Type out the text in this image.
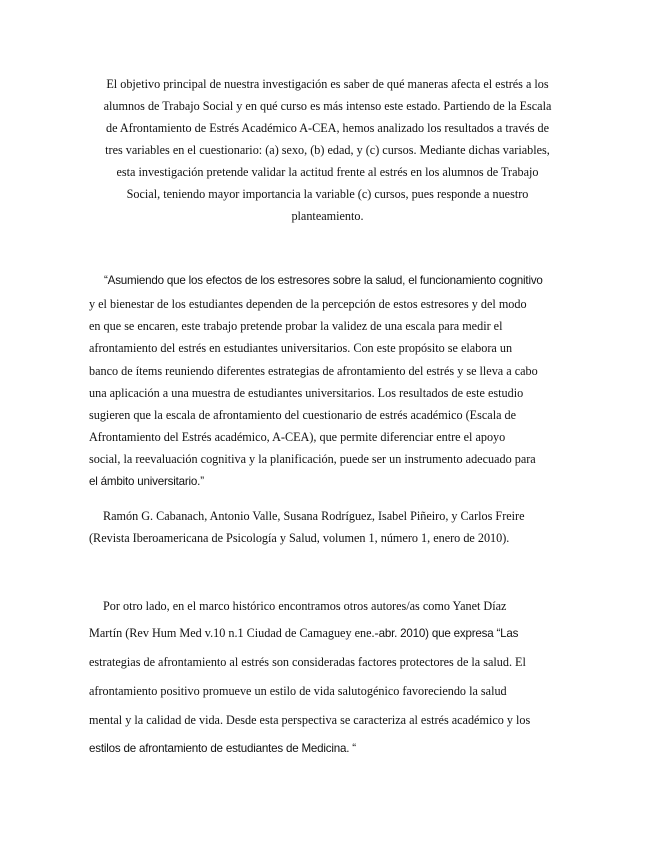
El objetivo principal de nuestra investigación es saber de qué maneras afecta el estrés a los
alumnos de Trabajo Social y en qué curso es más intenso este estado. Partiendo de la Escala
de Afrontamiento de Estrés Académico A-CEA, hemos analizado los resultados a través de
tres variables en el cuestionario: (a) sexo, (b) edad, y (c) cursos. Mediante dichas variables,
esta investigación pretende validar la actitud frente al estrés en los alumnos de Trabajo
Social, teniendo mayor importancia la variable (c) cursos, pues responde a nuestro
planteamiento.
“Asumiendo que los efectos de los estresores sobre la salud, el funcionamiento cognitivo
y el bienestar de los estudiantes dependen de la percepción de estos estresores y del modo
en que se encaren, este trabajo pretende probar la validez de una escala para medir el
afrontamiento del estrés en estudiantes universitarios. Con este propósito se elabora un
banco de ítems reuniendo diferentes estrategias de afrontamiento del estrés y se lleva a cabo
una aplicación a una muestra de estudiantes universitarios. Los resultados de este estudio
sugieren que la escala de afrontamiento del cuestionario de estrés académico (Escala de
Afrontamiento del Estrés académico, A-CEA), que permite diferenciar entre el apoyo
social, la reevaluación cognitiva y la planificación, puede ser un instrumento adecuado para
el ámbito universitario.”
Ramón G. Cabanach, Antonio Valle, Susana Rodríguez, Isabel Piñeiro, y Carlos Freire
(Revista Iberoamericana de Psicología y Salud, volumen 1, número 1, enero de 2010).
Por otro lado, en el marco histórico encontramos otros autores/as como Yanet Díaz
Martín (Rev Hum Med v.10 n.1 Ciudad de Camaguey ene.-abr. 2010) que expresa “Las
estrategias de afrontamiento al estrés son consideradas factores protectores de la salud. El
afrontamiento positivo promueve un estilo de vida salutogénico favoreciendo la salud
mental y la calidad de vida. Desde esta perspectiva se caracteriza al estrés académico y los
estilos de afrontamiento de estudiantes de Medicina. “
